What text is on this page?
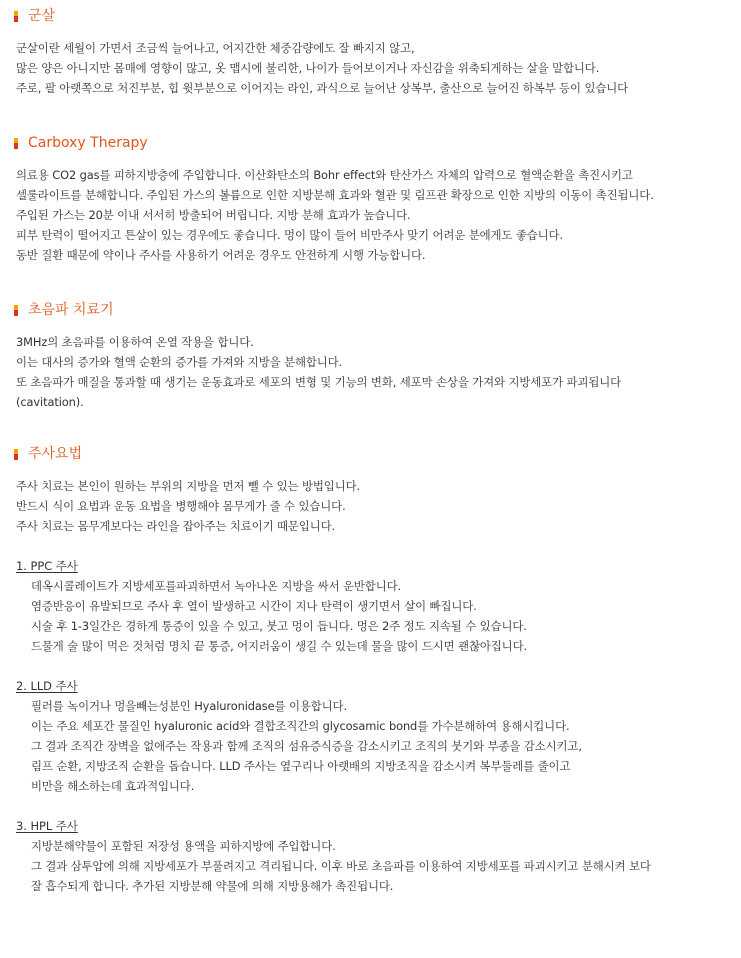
군살
군살이란 세월이 가면서 조금씩 늘어나고, 어지간한 체중감량에도 잘 빠지지 않고,
많은 양은 아니지만 몸매에 영향이 많고, 옷 맵시에 불리한, 나이가 들어보이거나 자신감을 위축되게하는 살을 말합니다.
주로, 팔 아랫쪽으로 처진부분, 힙 윗부분으로 이어지는 라인, 과식으로 늘어난 상복부, 출산으로 늘어진 하복부 등이 있습니다
Carboxy Therapy
의료용 CO2 gas를 피하지방층에 주입합니다. 이산화탄소의 Bohr effect와 탄산가스 자체의 압력으로 혈액순환을 촉진시키고
셀룰라이트를 분해합니다. 주입된 가스의 볼륨으로 인한 지방분해 효과와 혈관 및 림프관 확장으로 인한 지방의 이동이 촉진됩니다.
주입된 가스는 20분 이내 서서히 방출되어 버립니다. 지방 분해 효과가 높습니다.
피부 탄력이 떨어지고 튼살이 있는 경우에도 좋습니다. 멍이 많이 들어 비만주사 맞기 어려운 분에게도 좋습니다.
동반 질환 때문에 약이나 주사를 사용하기 어려운 경우도 안전하게 시행 가능합니다.
초음파 치료기
3MHz의 초음파를 이용하여 온열 작용을 합니다.
이는 대사의 증가와 혈액 순환의 증가를 가져와 지방을 분해합니다.
또 초음파가 매질을 통과할 때 생기는 운동효과로 세포의 변형 및 기능의 변화, 세포막 손상을 가져와 지방세포가 파괴됩니다
(cavitation).
주사요법
주사 치료는 본인이 원하는 부위의 지방을 먼저 뺄 수 있는 방법입니다.
반드시 식이 요법과 운동 요법을 병행해야 몸무게가 줄 수 있습니다.
주사 치료는 몸무게보다는 라인을 잡아주는 치료이기 때문입니다.
1. PPC 주사
데옥시콜레이트가 지방세포를파괴하면서 녹아나온 지방을 싸서 운반합니다.
염증반응이 유발되므로 주사 후 열이 발생하고 시간이 지나 탄력이 생기면서 살이 빠집니다.
시술 후 1-3일간은 경하게 통증이 있을 수 있고, 붓고 멍이 듭니다. 멍은 2주 정도 지속될 수 있습니다.
드물게 술 많이 먹은 것처럼 명치 끝 통증, 어지러움이 생길 수 있는데 물을 많이 드시면 괜찮아집니다.
2. LLD 주사
필러를 녹이거나 멍을빼는성분인 Hyaluronidase를 이용합니다.
이는 주요 세포간 물질인 hyaluronic acid와 결합조직간의 glycosamic bond를 가수분해하여 용해시킵니다.
그 결과 조직간 장벽을 없애주는 작용과 함께 조직의 섬유증식증을 감소시키고 조직의 붓기와 부종을 감소시키고,
림프 순환, 지방조직 순환을 돕습니다. LLD 주사는 옆구리나 아랫배의 지방조직을 감소시켜 복부둘레를 줄이고
비만을 해소하는데 효과적입니다.
3. HPL 주사
지방분해약물이 포함된 저장성 용액을 피하지방에 주입합니다.
그 결과 삼투압에 의해 지방세포가 부풀려지고 격리됩니다. 이후 바로 초음파를 이용하여 지방세포를 파괴시키고 분해시켜 보다
잘 흡수되게 합니다. 추가된 지방분해 약물에 의해 지방용해가 촉진됩니다.
